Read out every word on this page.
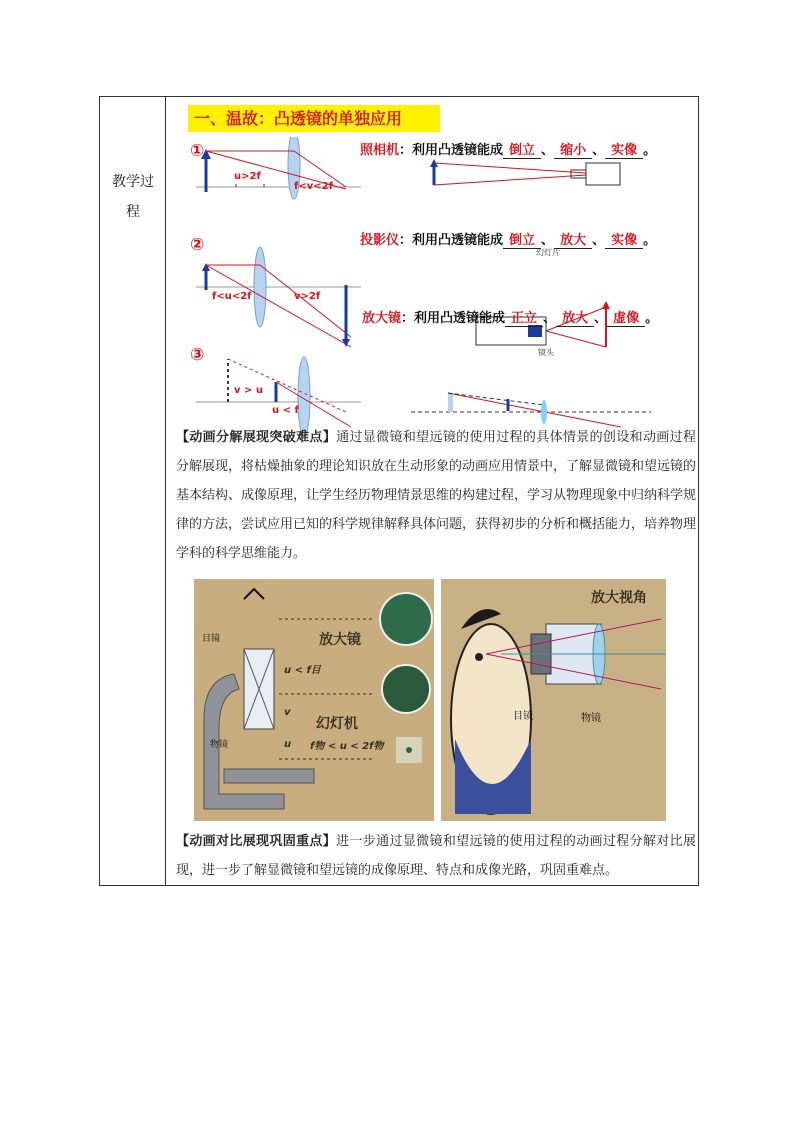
教学过程
一、温故：凸透镜的单独应用
①
u>2f
f<v<2f
②
f<u<2f	v>2f
③
v > u
u < f
照相机：利用凸透镜能成 倒立 、 缩小 、 实像 。
投影仪：利用凸透镜能成 倒立 、 放大 、 实像 。
幻灯片
镜头
放大镜：利用凸透镜能成 正立 、 放大 、 虚像 。
【动画分解展现突破难点】通过显微镜和望远镜的使用过程的具体情景的创设和动画过程分解展现，将枯燥抽象的理论知识放在生动形象的动画应用情景中，了解显微镜和望远镜的基本结构、成像原理，让学生经历物理情景思维的构建过程，学习从物理现象中归纳科学规律的方法，尝试应用已知的科学规律解释具体问题，获得初步的分析和概括能力，培养物理学科的科学思维能力。
目镜
物镜
放大镜
幻灯机
u < f目
f物 < u < 2f物
v
u
放大视角
目镜	物镜
【动画对比展现巩固重点】进一步通过显微镜和望远镜的使用过程的动画过程分解对比展现，进一步了解显微镜和望远镜的成像原理、特点和成像光路，巩固重难点。
